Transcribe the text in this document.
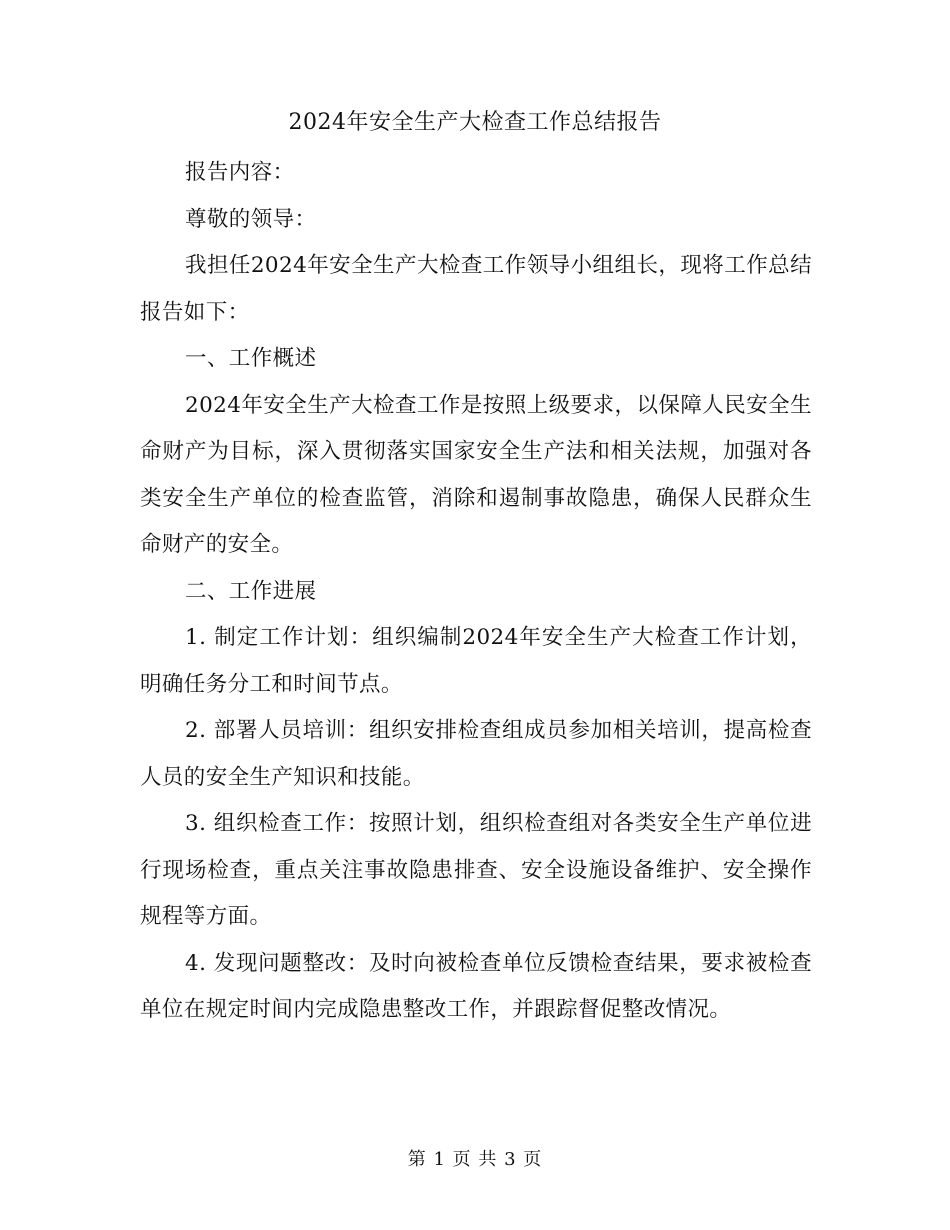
2024年安全生产大检查工作总结报告

报告内容：

尊敬的领导：

我担任2024年安全生产大检查工作领导小组组长，现将工作总结报告如下：

一、工作概述

2024年安全生产大检查工作是按照上级要求，以保障人民安全生命财产为目标，深入贯彻落实国家安全生产法和相关法规，加强对各类安全生产单位的检查监管，消除和遏制事故隐患，确保人民群众生命财产的安全。

二、工作进展

1. 制定工作计划：组织编制2024年安全生产大检查工作计划，明确任务分工和时间节点。

2. 部署人员培训：组织安排检查组成员参加相关培训，提高检查人员的安全生产知识和技能。

3. 组织检查工作：按照计划，组织检查组对各类安全生产单位进行现场检查，重点关注事故隐患排查、安全设施设备维护、安全操作规程等方面。

4. 发现问题整改：及时向被检查单位反馈检查结果，要求被检查单位在规定时间内完成隐患整改工作，并跟踪督促整改情况。

第 1 页 共 3 页
